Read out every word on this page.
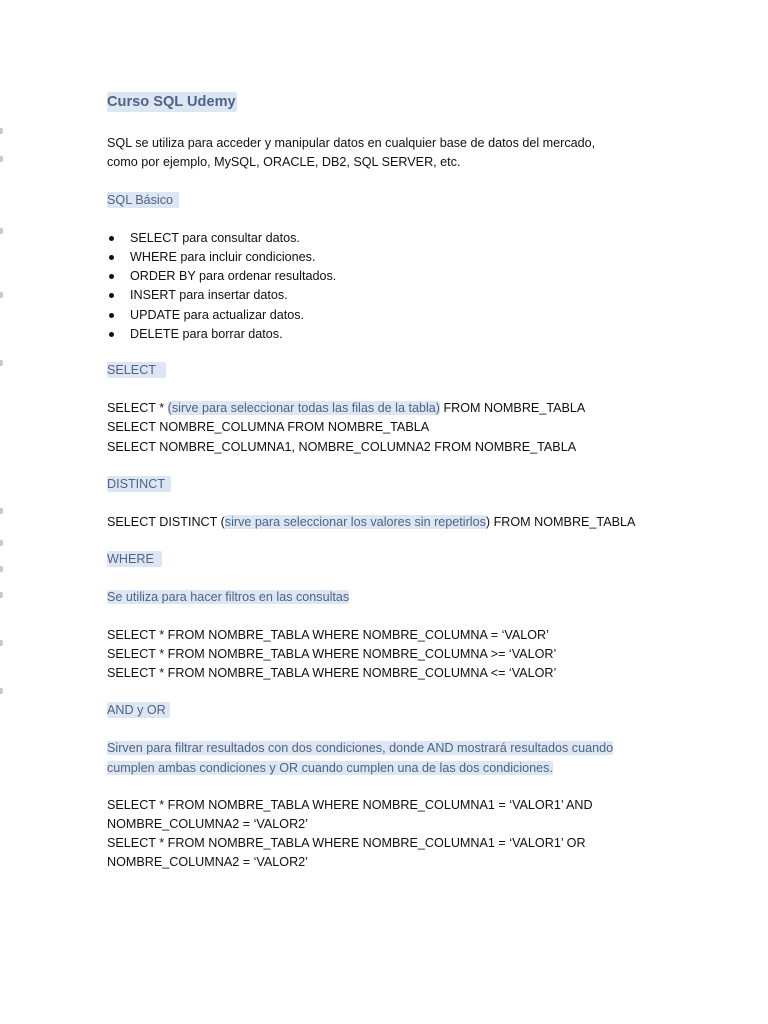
Curso SQL Udemy

SQL se utiliza para acceder y manipular datos en cualquier base de datos del mercado,

como por ejemplo, MySQL, ORACLE, DB2, SQL SERVER, etc.

SQL Básico

SELECT para consultar datos.
WHERE para incluir condiciones.
ORDER BY para ordenar resultados.
INSERT para insertar datos.
UPDATE para actualizar datos.
DELETE para borrar datos.

SELECT

SELECT * (sirve para seleccionar todas las filas de la tabla) FROM NOMBRE_TABLA

SELECT NOMBRE_COLUMNA FROM NOMBRE_TABLA

SELECT NOMBRE_COLUMNA1, NOMBRE_COLUMNA2 FROM NOMBRE_TABLA

DISTINCT

SELECT DISTINCT (sirve para seleccionar los valores sin repetirlos) FROM NOMBRE_TABLA

WHERE

Se utiliza para hacer filtros en las consultas

SELECT * FROM NOMBRE_TABLA WHERE NOMBRE_COLUMNA = ‘VALOR’

SELECT * FROM NOMBRE_TABLA WHERE NOMBRE_COLUMNA >= ‘VALOR’

SELECT * FROM NOMBRE_TABLA WHERE NOMBRE_COLUMNA <= ‘VALOR’

AND y OR

Sirven para filtrar resultados con dos condiciones, donde AND mostrará resultados cuando

cumplen ambas condiciones y OR cuando cumplen una de las dos condiciones.

SELECT * FROM NOMBRE_TABLA WHERE NOMBRE_COLUMNA1 = ‘VALOR1’ AND

NOMBRE_COLUMNA2 = ‘VALOR2’

SELECT * FROM NOMBRE_TABLA WHERE NOMBRE_COLUMNA1 = ‘VALOR1’ OR

NOMBRE_COLUMNA2 = ‘VALOR2’
